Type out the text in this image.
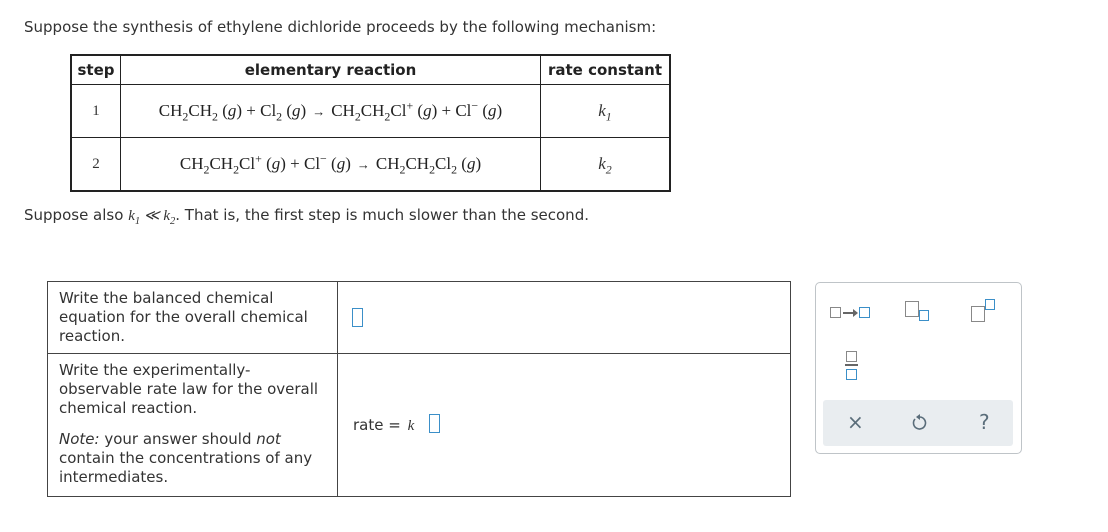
Suppose the synthesis of ethylene dichloride proceeds by the following mechanism:
step	elementary reaction	rate constant
1	$CH_2CH_2$ $(g) + Cl_2$ $(g) \to CH_2CH_2Cl^+$ (g) + Cl− (g)	$k_1$
2	$CH_2CH_2Cl^+$ (g) + Cl− $(g) \to CH_2CH_2Cl_2$ (g)	$k_2$
Suppose also $k_1$ ≪ $k_2$. That is, the first step is much slower than the second.
Write the balanced chemical equation for the overall chemical reaction.	

Write the experimentally-observable rate law for the overall chemical reaction.
Note: your answer should not contain the concentrations of any intermediates.	rate = k	×	?
